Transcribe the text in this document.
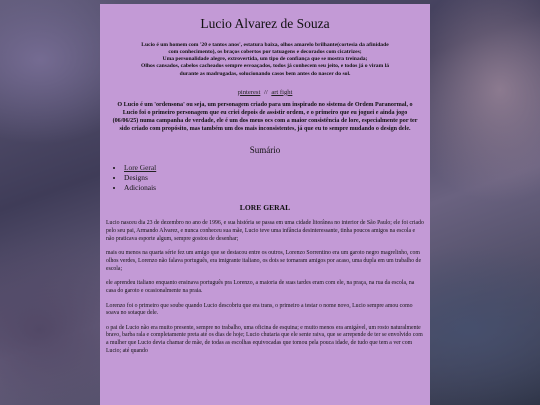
Lucio Alvarez de Souza
Lucio é um homem com '20 e tantos anos', estatura baixa, olhos amarelo brilhante(cortesia da afinidade
com conhecimento), os braços cobertos por tatuagens e decorados com cicatrizes;
Uma personalidade alegre, extrovertida, um tipo de confiança que se mostra treinada;
Olhos cansados, cabelos cacheados sempre esvoaçados, todos já conhecem seu jeito, e todos já o viram lá
durante as madrugadas, solucionando casos bem antes do nascer do sol.
pinterest // art fight
O Lucio é um 'ordensona' ou seja, um personagem criado para um inspirado no sistema de Ordem Paranormal, o Lucio foi o primeiro personagem que eu criei depois de assistir ordem, e o primeiro que eu joguei e ainda jogo (06/06/25) numa campanha de verdade, ele é um dos meus ocs com a maior consistência de lore, especialmente por ter sido criado com propósito, mas também um dos mais inconsistentes, já que eu to sempre mudando o design dele.
Sumário
• Lore Geral
• Designs
• Adicionais
LORE GERAL

Lucio nasceu dia 23 de dezembro no ano de 1996, e sua história se passa em uma cidade litorânea no interior de São Paulo; ele foi criado pelo seu pai, Armando Alvarez, e nunca conheceu sua mãe, Lucio teve uma infância desinteressante, tinha poucos amigos na escola e não praticava esporte algum, sempre gostou de desenhar;

mais ou menos na quarta série fez um amigo que se destacou entre os outros, Lorenzo Sorrentino era um garoto negro magrelinho, com olhos verdes, Lorenzo não falava português, era imigrante italiano, os dois se tornaram amigos por acaso, uma dupla em um trabalho de escola;

ele aprendeu italiano enquanto ensinava português pra Lorenzo, a maioria de suas tardes eram com ele, na praça, na rua da escola, na casa do garoto e ocasionalmente na praia.

Lorenzo foi o primeiro que soube quando Lucio descobriu que era trans, o primeiro a testar o nome novo, Lucio sempre amou como soava no sotaque dele.

o pai de Lucio não era muito presente, sempre no trabalho, uma oficina de esquina; e muito menos era amigável, um rosto naturalmente bravo, barba rala e completamente preta até os dias de hoje; Lucio chutaria que ele sente raiva, que se arrepende de ter se envolvido com a mulher que Lucio devia chamar de mãe, de todas as escolhas equivocadas que tomou pela pouca idade, de tudo que tem a ver com Lucio; até quando
